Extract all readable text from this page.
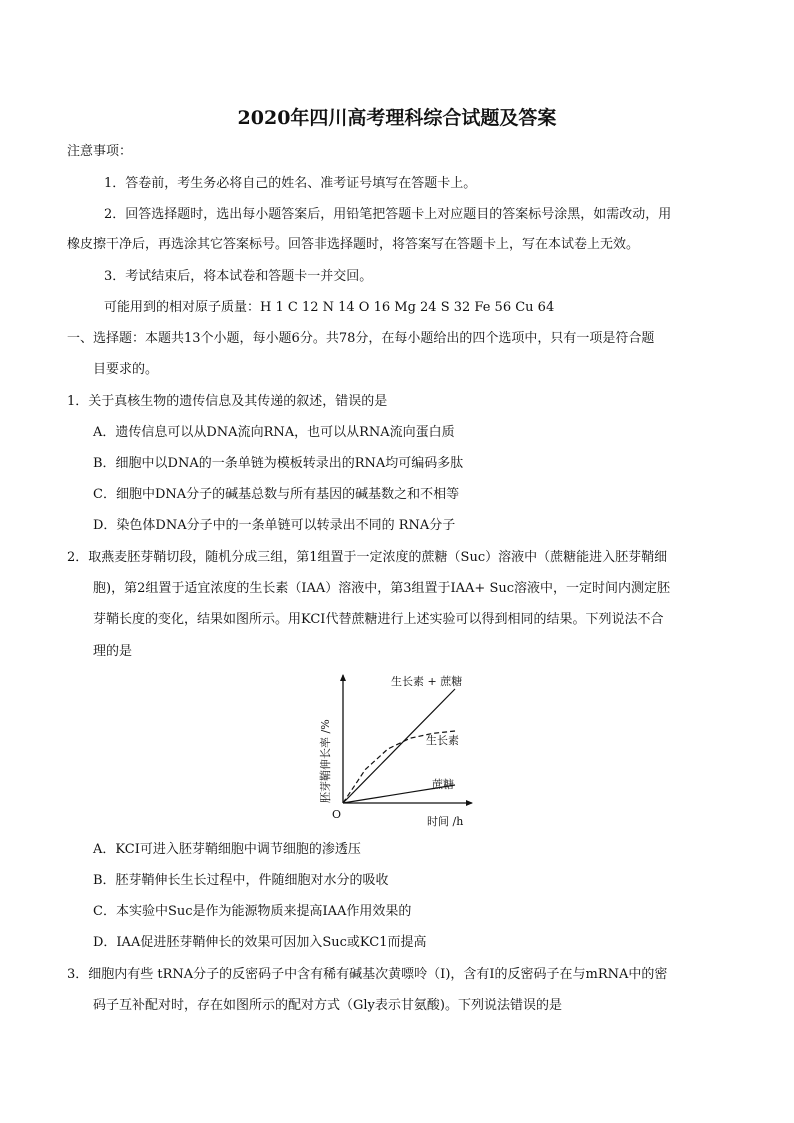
2020年四川高考理科综合试题及答案
注意事项：
1．答卷前，考生务必将自己的姓名、准考证号填写在答题卡上。
2．回答选择题时，选出每小题答案后，用铅笔把答题卡上对应题目的答案标号涂黑，如需改动，用
橡皮擦干净后，再选涂其它答案标号。回答非选择题时，将答案写在答题卡上，写在本试卷上无效。
3．考试结束后，将本试卷和答题卡一并交回。
可能用到的相对原子质量：H 1 C 12 N 14 O 16 Mg 24 S 32 Fe 56 Cu 64
一、选择题：本题共13个小题，每小题6分。共78分，在每小题给出的四个选项中，只有一项是符合题
目要求的。
1．关于真核生物的遗传信息及其传递的叙述，错误的是
A．遗传信息可以从DNA流向RNA，也可以从RNA流向蛋白质
B．细胞中以DNA的一条单链为模板转录出的RNA均可编码多肽
C．细胞中DNA分子的碱基总数与所有基因的碱基数之和不相等
D．染色体DNA分子中的一条单链可以转录出不同的 RNA分子
2．取燕麦胚芽鞘切段，随机分成三组，第1组置于一定浓度的蔗糖（Suc）溶液中（蔗糖能进入胚芽鞘细
胞)，第2组置于适宜浓度的生长素（IAA）溶液中，第3组置于IAA+ Suc溶液中，一定时间内测定胚
芽鞘长度的变化，结果如图所示。用KCI代替蔗糖进行上述实验可以得到相同的结果。下列说法不合
理的是
O
时间 /h
胚芽鞘伸长率 /%
生长素 + 蔗糖
生长素
蔗糖
A．KCI可进入胚芽鞘细胞中调节细胞的渗透压
B．胚芽鞘伸长生长过程中，件随细胞对水分的吸收
C．本实验中Suc是作为能源物质来提高IAA作用效果的
D．IAA促进胚芽鞘伸长的效果可因加入Suc或KC1而提高
3．细胞内有些 tRNA分子的反密码子中含有稀有碱基次黄嘌呤（I)，含有I的反密码子在与mRNA中的密
码子互补配对时，存在如图所示的配对方式（Gly表示甘氨酸)。下列说法错误的是
